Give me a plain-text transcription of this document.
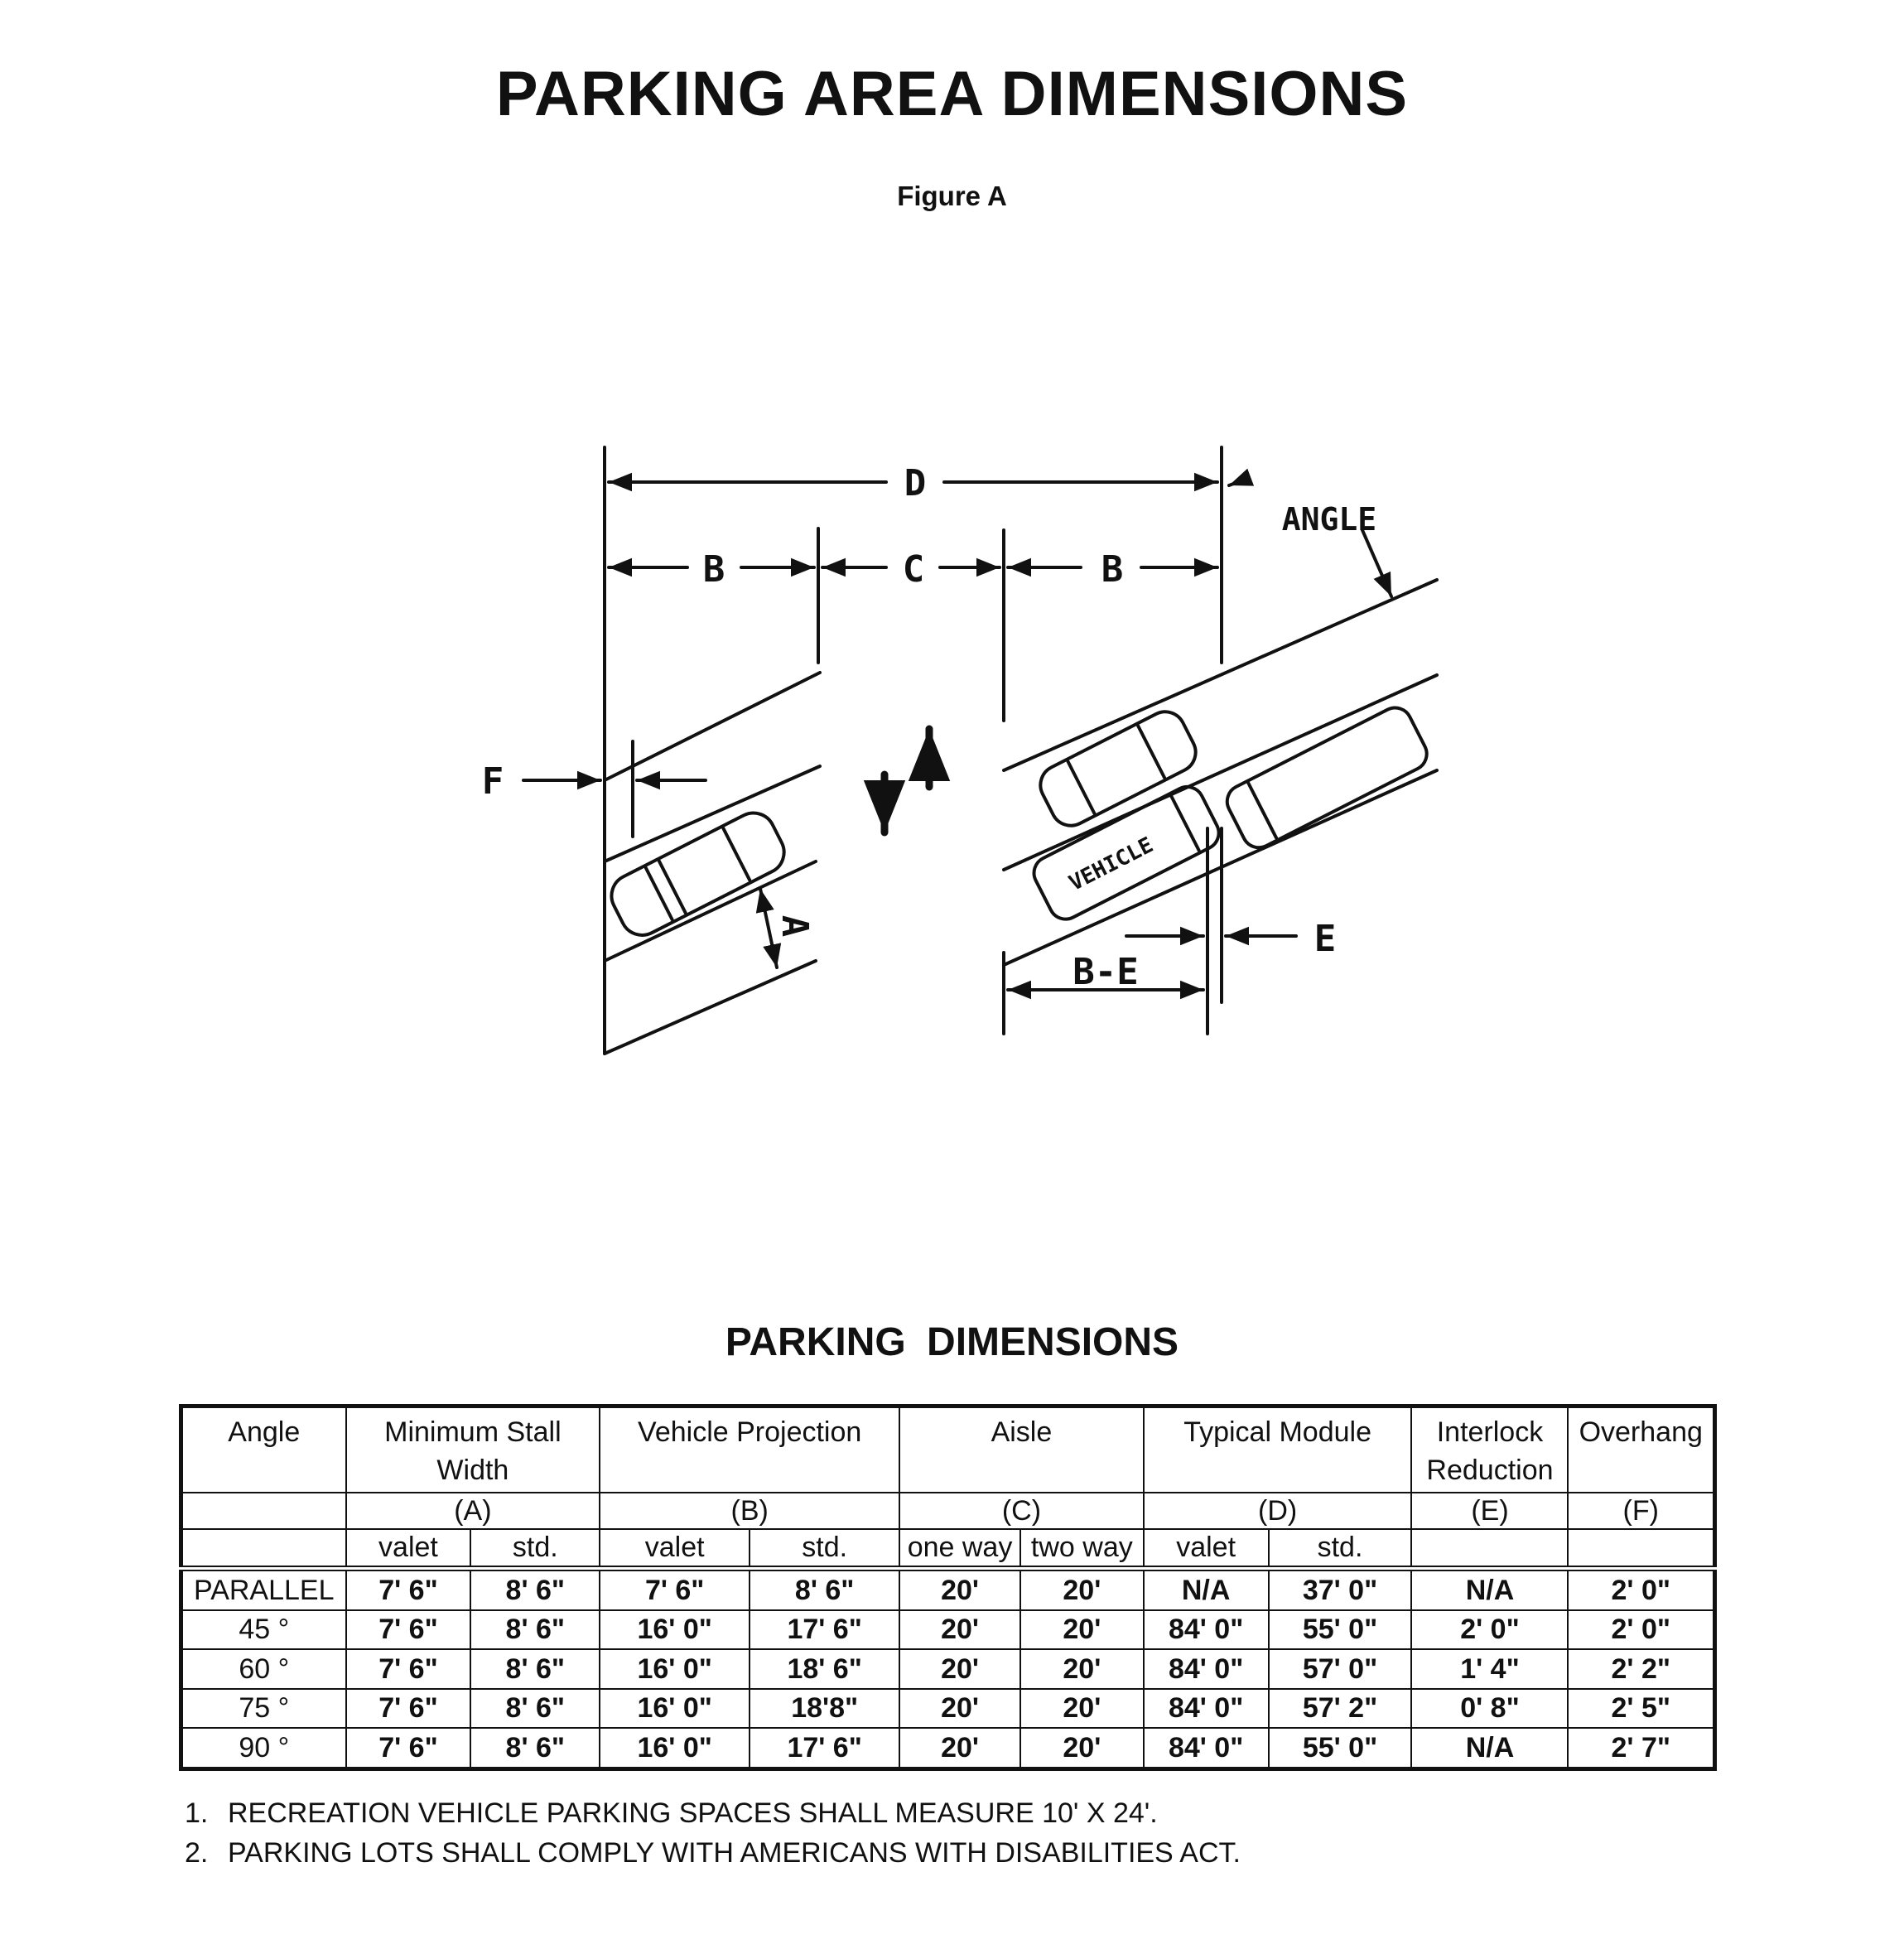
PARKING AREA DIMENSIONS
Figure A
D
B	C	B
F
A	E
B-E
ANGLE
VEHICLE
PARKING DIMENSIONS
Angle	Minimum Stall Width		Vehicle Projection		Aisle		Typical Module		Interlock Reduction	Overhang
	(A)		(B)		(C)		(D)		(E)	(F)
	valet	std.	valet	std.	one way	two way	valet	std.		
PARALLEL	7' 6"	8' 6"	7' 6"	8' 6"	20'	20'	N/A	37' 0"	N/A	2' 0"
45 °	7' 6"	8' 6"	16' 0"	17' 6"	20'	20'	84' 0"	55' 0"	2' 0"	2' 0"
60 °	7' 6"	8' 6"	16' 0"	18' 6"	20'	20'	84' 0"	57' 0"	1' 4"	2' 2"
75 °	7' 6"	8' 6"	16' 0"	18'8"	20'	20'	84' 0"	57' 2"	0' 8"	2' 5"
90 °	7' 6"	8' 6"	16' 0"	17' 6"	20'	20'	84' 0"	55' 0"	N/A	2' 7"
1. RECREATION VEHICLE PARKING SPACES SHALL MEASURE 10' X 24'.
2. PARKING LOTS SHALL COMPLY WITH AMERICANS WITH DISABILITIES ACT.
